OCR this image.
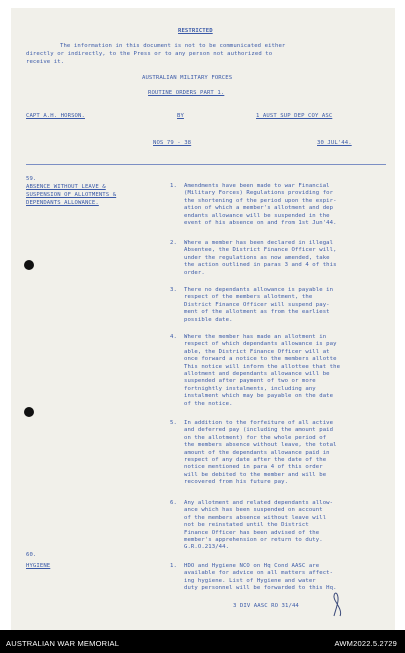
RESTRICTED
The information in this document is not to be communicated either
directly or indirectly, to the Press or to any person not authorized to
receive it.
AUSTRALIAN MILITARY FORCES
ROUTINE ORDERS PART 1.
CAPT A.H. HORSON.	BY	1 AUST SUP DEP COY ASC
NOS 79 - 38	30 JUL'44.
59.
ABSENCE WITHOUT LEAVE &
SUSPENSION OF ALLOTMENTS &
DEPENDANTS ALLOWANCE.
60.
HYGIENE
1. Amendments have been made to war Financial
(Military Forces) Regulations providing for
the shortening of the period upon the expir-
ation of which a member's allotment and dep
endants allowance will be suspended in the
event of his absence on and from 1st Jun'44.
2. Where a member has been declared in illegal
Absentee, the District Finance Officer will,
under the regulations as now amended, take
the action outlined in paras 3 and 4 of this
order.
3. There no dependants allowance is payable in
respect of the members allotment, the
District Finance Officer will suspend pay-
ment of the allotment as from the earliest
possible date.
4. Where the member has made an allotment in
respect of which dependants allowance is pay
able, the District Finance Officer will at
once forward a notice to the members allotte
This notice will inform the allottee that the
allotment and dependants allowance will be
suspended after payment of two or more
fortnightly instalments, including any
instalment which may be payable on the date
of the notice.
5. In addition to the forfeiture of all active
and deferred pay (including the amount paid
on the allotment) for the whole period of
the members absence without leave, the total
amount of the dependants allowance paid in
respect of any date after the date of the
notice mentioned in para 4 of this order
will be debited to the member and will be
recovered from his future pay.
6. Any allotment and related dependants allow-
ance which has been suspended on account
of the members absence without leave will
not be reinstated until the District
Finance Officer has been advised of the
member's apprehension or return to duty.
G.R.O.213/44.
1. HDO and Hygiene NCO on Hq Cond AASC are
available for advice on all matters affect-
ing hygiene. List of Hygiene and water
duty personnel will be forwarded to this Hq.
3 DIV AASC RO 31/44
AUSTRALIAN WAR MEMORIAL	AWM2022.5.2729
